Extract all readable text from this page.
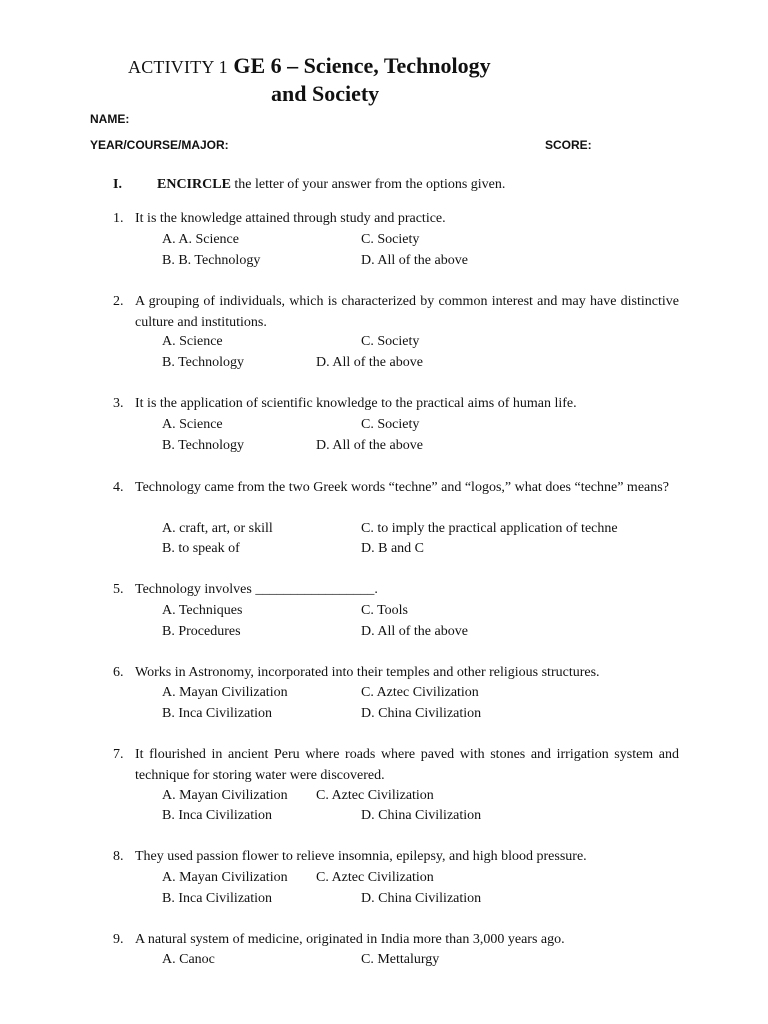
ACTIVITY 1 GE 6 – Science, Technology
and Society
NAME:
YEAR/COURSE/MAJOR:	SCORE:
I.	ENCIRCLE the letter of your answer from the options given.
1. It is the knowledge attained through study and practice.
A. A. Science	C. Society
B. B. Technology	D. All of the above
2. A grouping of individuals, which is characterized by common interest and may have distinctive culture and institutions.
A. Science	C. Society
B. Technology	D. All of the above
3. It is the application of scientific knowledge to the practical aims of human life.
A. Science	C. Society
B. Technology	D. All of the above
4. Technology came from the two Greek words “techne” and “logos,” what does “techne” means?
A. craft, art, or skill	C. to imply the practical application of techne
B. to speak of	D. B and C
5. Technology involves _________________.
A. Techniques	C. Tools
B. Procedures	D. All of the above
6. Works in Astronomy, incorporated into their temples and other religious structures.
A. Mayan Civilization	C. Aztec Civilization
B. Inca Civilization	D. China Civilization
7. It flourished in ancient Peru where roads where paved with stones and irrigation system and technique for storing water were discovered.
A. Mayan Civilization C. Aztec Civilization
B. Inca Civilization	D. China Civilization
8. They used passion flower to relieve insomnia, epilepsy, and high blood pressure.
A. Mayan Civilization C. Aztec Civilization
B. Inca Civilization	D. China Civilization
9. A natural system of medicine, originated in India more than 3,000 years ago.
A. Canoc	C. Mettalurgy
